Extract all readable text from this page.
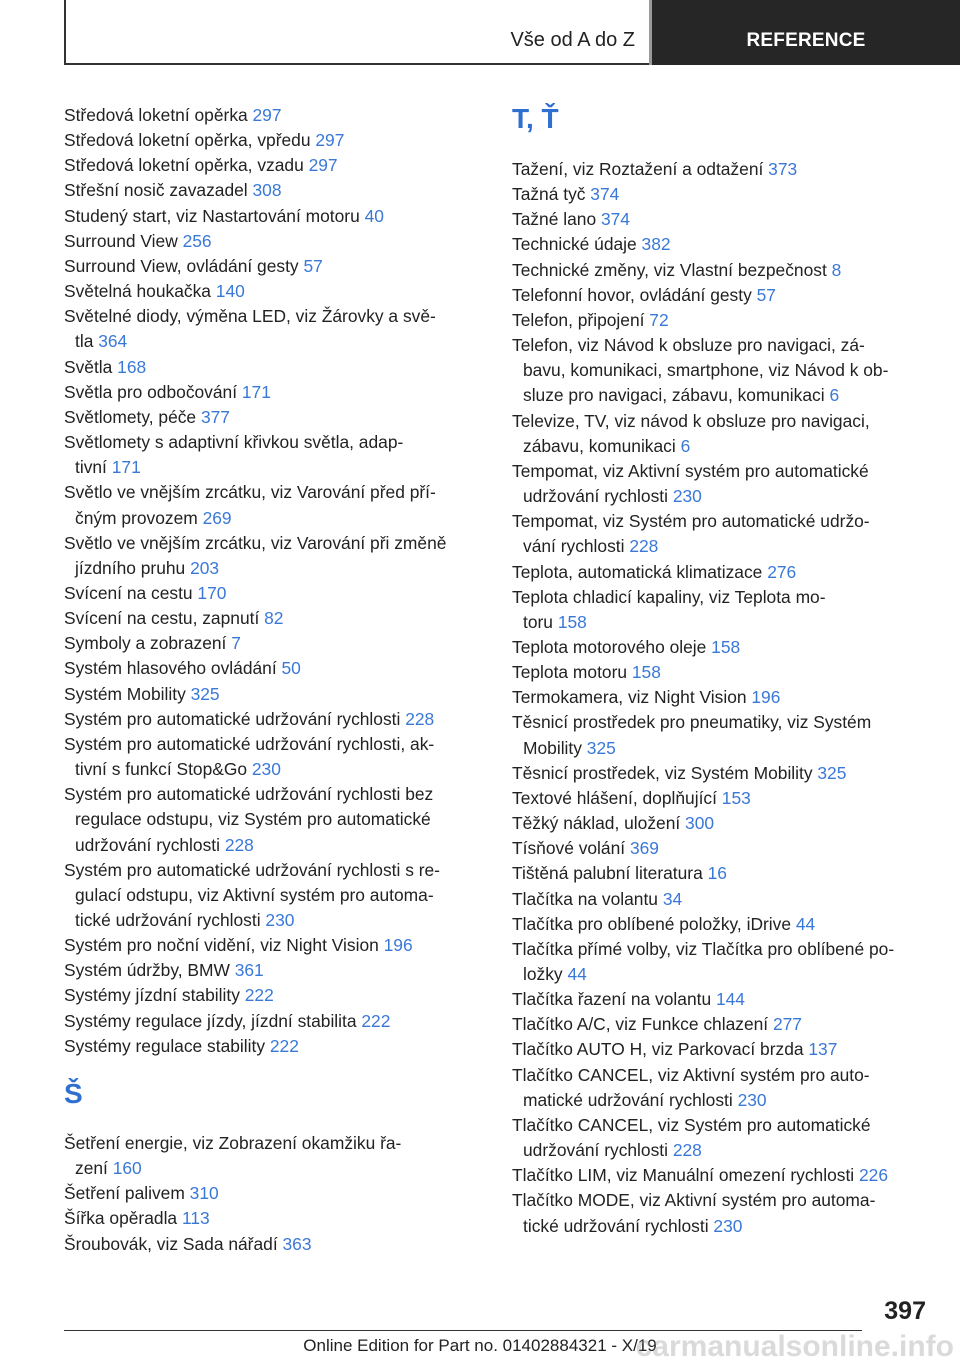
Vše od A do Z	REFERENCE
Středová loketní opěrka 297
Středová loketní opěrka, vpředu 297
Středová loketní opěrka, vzadu 297
Střešní nosič zavazadel 308
Studený start, viz Nastartování motoru 40
Surround View 256
Surround View, ovládání gesty 57
Světelná houkačka 140
Světelné diody, výměna LED, viz Žárovky a svě‐
tla 364
Světla 168
Světla pro odbočování 171
Světlomety, péče 377
Světlomety s adaptivní křivkou světla, adap‐
tivní 171
Světlo ve vnějším zrcátku, viz Varování před pří‐
čným provozem 269
Světlo ve vnějším zrcátku, viz Varování při změně
jízdního pruhu 203
Svícení na cestu 170
Svícení na cestu, zapnutí 82
Symboly a zobrazení 7
Systém hlasového ovládání 50
Systém Mobility 325
Systém pro automatické udržování rychlosti 228
Systém pro automatické udržování rychlosti, ak‐
tivní s funkcí Stop&Go 230
Systém pro automatické udržování rychlosti bez
regulace odstupu, viz Systém pro automatické
udržování rychlosti 228
Systém pro automatické udržování rychlosti s re‐
gulací odstupu, viz Aktivní systém pro automa‐
tické udržování rychlosti 230
Systém pro noční vidění, viz Night Vision 196
Systém údržby, BMW 361
Systémy jízdní stability 222
Systémy regulace jízdy, jízdní stabilita 222
Systémy regulace stability 222
Š
Šetření energie, viz Zobrazení okamžiku řa‐
zení 160
Šetření palivem 310
Šířka opěradla 113
Šroubovák, viz Sada nářadí 363
T, Ť
Tažení, viz Roztažení a odtažení 373
Tažná tyč 374
Tažné lano 374
Technické údaje 382
Technické změny, viz Vlastní bezpečnost 8
Telefonní hovor, ovládání gesty 57
Telefon, připojení 72
Telefon, viz Návod k obsluze pro navigaci, zá‐
bavu, komunikaci, smartphone, viz Návod k ob‐
sluze pro navigaci, zábavu, komunikaci 6
Televize, TV, viz návod k obsluze pro navigaci,
zábavu, komunikaci 6
Tempomat, viz Aktivní systém pro automatické
udržování rychlosti 230
Tempomat, viz Systém pro automatické udržo‐
vání rychlosti 228
Teplota, automatická klimatizace 276
Teplota chladicí kapaliny, viz Teplota mo‐
toru 158
Teplota motorového oleje 158
Teplota motoru 158
Termokamera, viz Night Vision 196
Těsnicí prostředek pro pneumatiky, viz Systém
Mobility 325
Těsnicí prostředek, viz Systém Mobility 325
Textové hlášení, doplňující 153
Těžký náklad, uložení 300
Tísňové volání 369
Tištěná palubní literatura 16
Tlačítka na volantu 34
Tlačítka pro oblíbené položky, iDrive 44
Tlačítka přímé volby, viz Tlačítka pro oblíbené po‐
ložky 44
Tlačítka řazení na volantu 144
Tlačítko A/C, viz Funkce chlazení 277
Tlačítko AUTO H, viz Parkovací brzda 137
Tlačítko CANCEL, viz Aktivní systém pro auto‐
matické udržování rychlosti 230
Tlačítko CANCEL, viz Systém pro automatické
udržování rychlosti 228
Tlačítko LIM, viz Manuální omezení rychlosti 226
Tlačítko MODE, viz Aktivní systém pro automa‐
tické udržování rychlosti 230
397
Online Edition for Part no. 01402884321 - X/19
carmanualsonline.info
